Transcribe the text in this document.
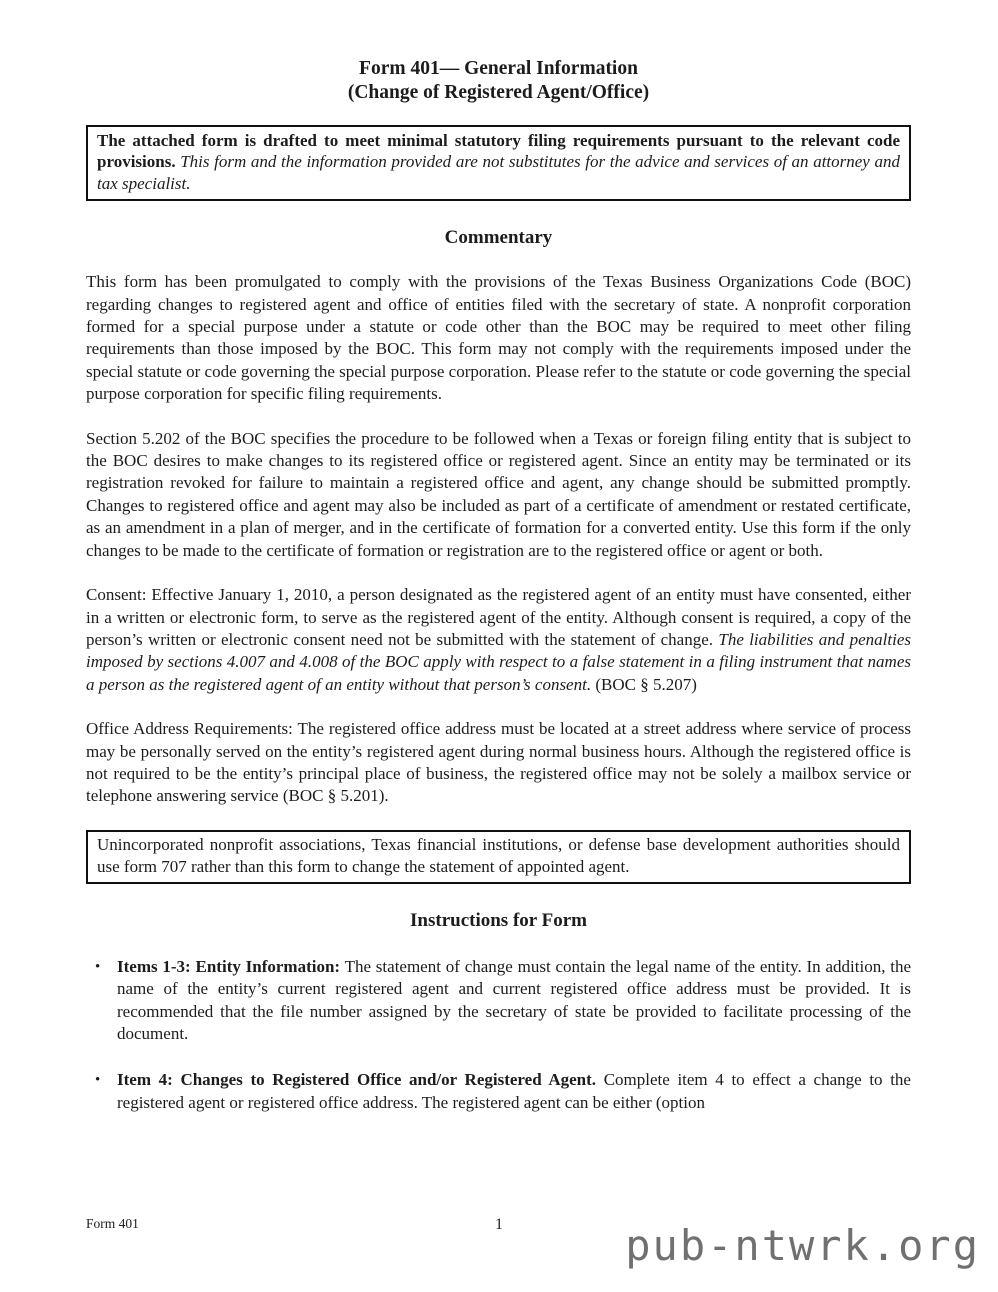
Form 401— General Information
(Change of Registered Agent/Office)
The attached form is drafted to meet minimal statutory filing requirements pursuant to the relevant code provisions. This form and the information provided are not substitutes for the advice and services of an attorney and tax specialist.
Commentary

This form has been promulgated to comply with the provisions of the Texas Business Organizations Code (BOC) regarding changes to registered agent and office of entities filed with the secretary of state. A nonprofit corporation formed for a special purpose under a statute or code other than the BOC may be required to meet other filing requirements than those imposed by the BOC. This form may not comply with the requirements imposed under the special statute or code governing the special purpose corporation. Please refer to the statute or code governing the special purpose corporation for specific filing requirements.

Section 5.202 of the BOC specifies the procedure to be followed when a Texas or foreign filing entity that is subject to the BOC desires to make changes to its registered office or registered agent. Since an entity may be terminated or its registration revoked for failure to maintain a registered office and agent, any change should be submitted promptly. Changes to registered office and agent may also be included as part of a certificate of amendment or restated certificate, as an amendment in a plan of merger, and in the certificate of formation for a converted entity. Use this form if the only changes to be made to the certificate of formation or registration are to the registered office or agent or both.

Consent: Effective January 1, 2010, a person designated as the registered agent of an entity must have consented, either in a written or electronic form, to serve as the registered agent of the entity. Although consent is required, a copy of the person’s written or electronic consent need not be submitted with the statement of change. The liabilities and penalties imposed by sections 4.007 and 4.008 of the BOC apply with respect to a false statement in a filing instrument that names a person as the registered agent of an entity without that person’s consent. (BOC § 5.207)

Office Address Requirements: The registered office address must be located at a street address where service of process may be personally served on the entity’s registered agent during normal business hours. Although the registered office is not required to be the entity’s principal place of business, the registered office may not be solely a mailbox service or telephone answering service (BOC § 5.201).

Unincorporated nonprofit associations, Texas financial institutions, or defense base development authorities should use form 707 rather than this form to change the statement of appointed agent.
Instructions for Form
• Items 1-3: Entity Information: The statement of change must contain the legal name of the entity. In addition, the name of the entity’s current registered agent and current registered office address must be provided. It is recommended that the file number assigned by the secretary of state be provided to facilitate processing of the document.
• Item 4: Changes to Registered Office and/or Registered Agent. Complete item 4 to effect a change to the registered agent or registered office address. The registered agent can be either (option
Form 401	1	pub-ntwrk.org
